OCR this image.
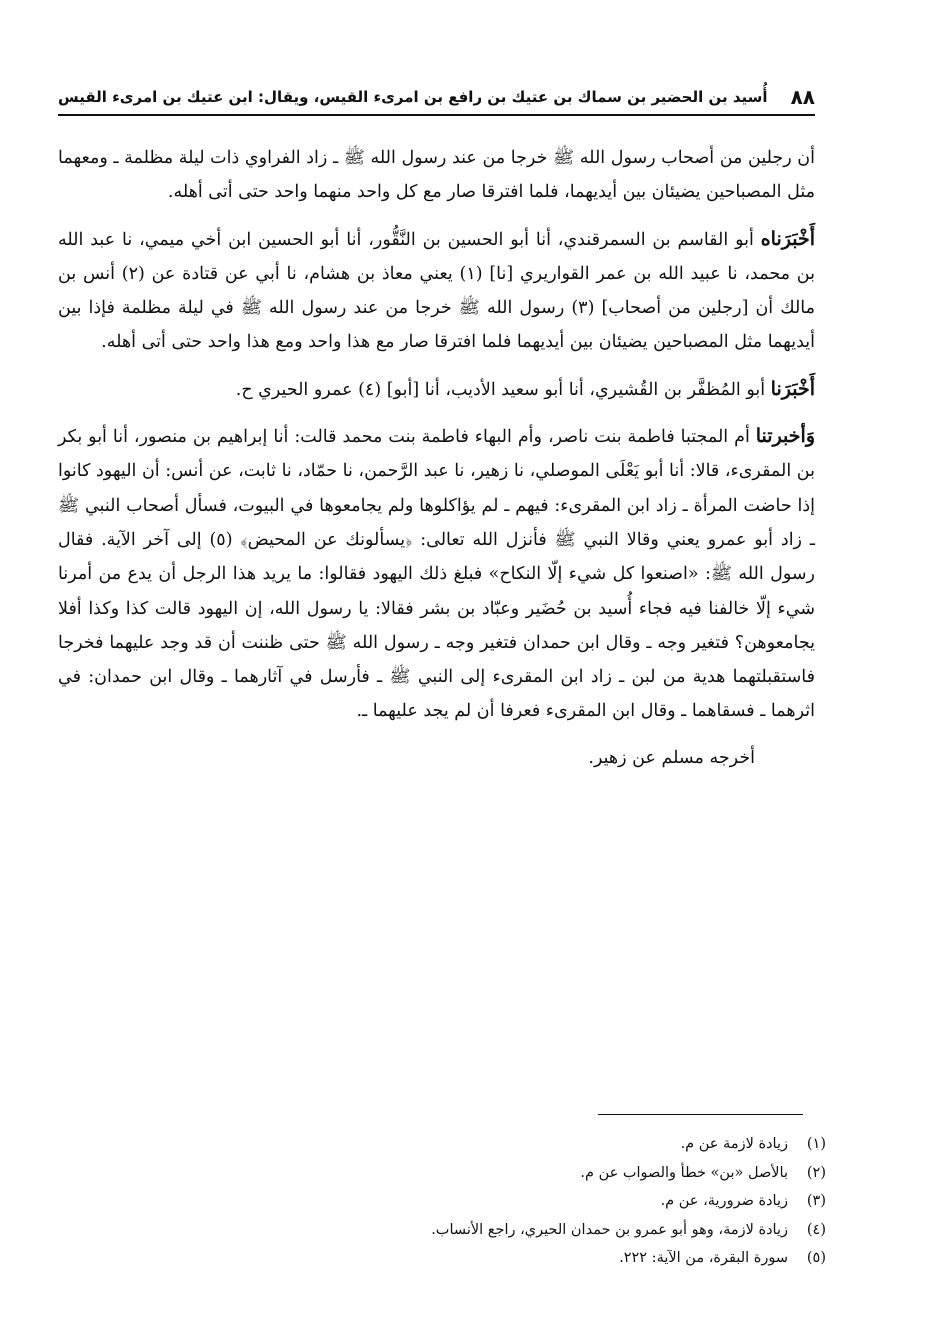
٨٨
أُسيد بن الحضير بن سماك بن عتيك بن رافع بن امرىء القيس، ويقال: ابن عتيك بن امرىء القيس

أن رجلين من أصحاب رسول الله ﷺ خرجا من عند رسول الله ﷺ ـ زاد الفراوي ذات ليلة مظلمة ـ ومعهما مثل المصباحين يضيئان بين أيديهما، فلما افترقا صار مع كل واحد منهما واحد حتى أتى أهله.

أَخْبَرَناه أبو القاسم بن السمرقندي، أنا أبو الحسين بن النَّقُّور، أنا أبو الحسين ابن أخي ميمي، نا عبد الله بن محمد، نا عبيد الله بن عمر القواريري [نا] (١) يعني معاذ بن هشام، نا أبي عن قتادة عن (٢) أنس بن مالك أن [رجلين من أصحاب] (٣) رسول الله ﷺ خرجا من عند رسول الله ﷺ في ليلة مظلمة فإذا بين أيديهما مثل المصباحين يضيئان بين أيديهما فلما افترقا صار مع هذا واحد ومع هذا واحد حتى أتى أهله.

أَخْبَرَنا أبو المُظفَّر بن القُشيري، أنا أبو سعيد الأديب، أنا [أبو] (٤) عمرو الحيري ح.

وَأخبرتنا أم المجتبا فاطمة بنت ناصر، وأم البهاء فاطمة بنت محمد قالت: أنا إبراهيم بن منصور، أنا أبو بكر بن المقرىء، قالا: أنا أبو يَعْلَى الموصلي، نا زهير، نا عبد الرَّحمن، نا حمّاد، نا ثابت، عن أنس: أن اليهود كانوا إذا حاضت المرأة ـ زاد ابن المقرىء: فيهم ـ لم يؤاكلوها ولم يجامعوها في البيوت، فسأل أصحاب النبي ﷺ ـ زاد أبو عمرو يعني وقالا النبي ﷺ فأنزل الله تعالى: ﴿يسألونك عن المحيض﴾ (٥) إلى آخر الآية. فقال رسول الله ﷺ: «اصنعوا كل شيء إلّا النكاح» فبلغ ذلك اليهود فقالوا: ما يريد هذا الرجل أن يدع من أمرنا شيء إلّا خالفنا فيه فجاء أُسيد بن حُضَير وعبّاد بن بشر فقالا: يا رسول الله، إن اليهود قالت كذا وكذا أفلا يجامعوهن؟ فتغير وجه ـ وقال ابن حمدان فتغير وجه ـ رسول الله ﷺ حتى ظننت أن قد وجد عليهما فخرجا فاستقبلتهما هدية من لبن ـ زاد ابن المقرىء إلى النبي ﷺ ـ فأرسل في آثارهما ـ وقال ابن حمدان: في اثرهما ـ فسقاهما ـ وقال ابن المقرىء فعرفا أن لم يجد عليهما ـ.

أخرجه مسلم عن زهير.

(١)
زيادة لازمة عن م.
(٢)
بالأصل «بن» خطأ والصواب عن م.
(٣)
زيادة ضرورية، عن م.
(٤)
زيادة لازمة، وهو أبو عمرو بن حمدان الحيري، راجع الأنساب.
(٥)
سورة البقرة، من الآية: ٢٢٢.
